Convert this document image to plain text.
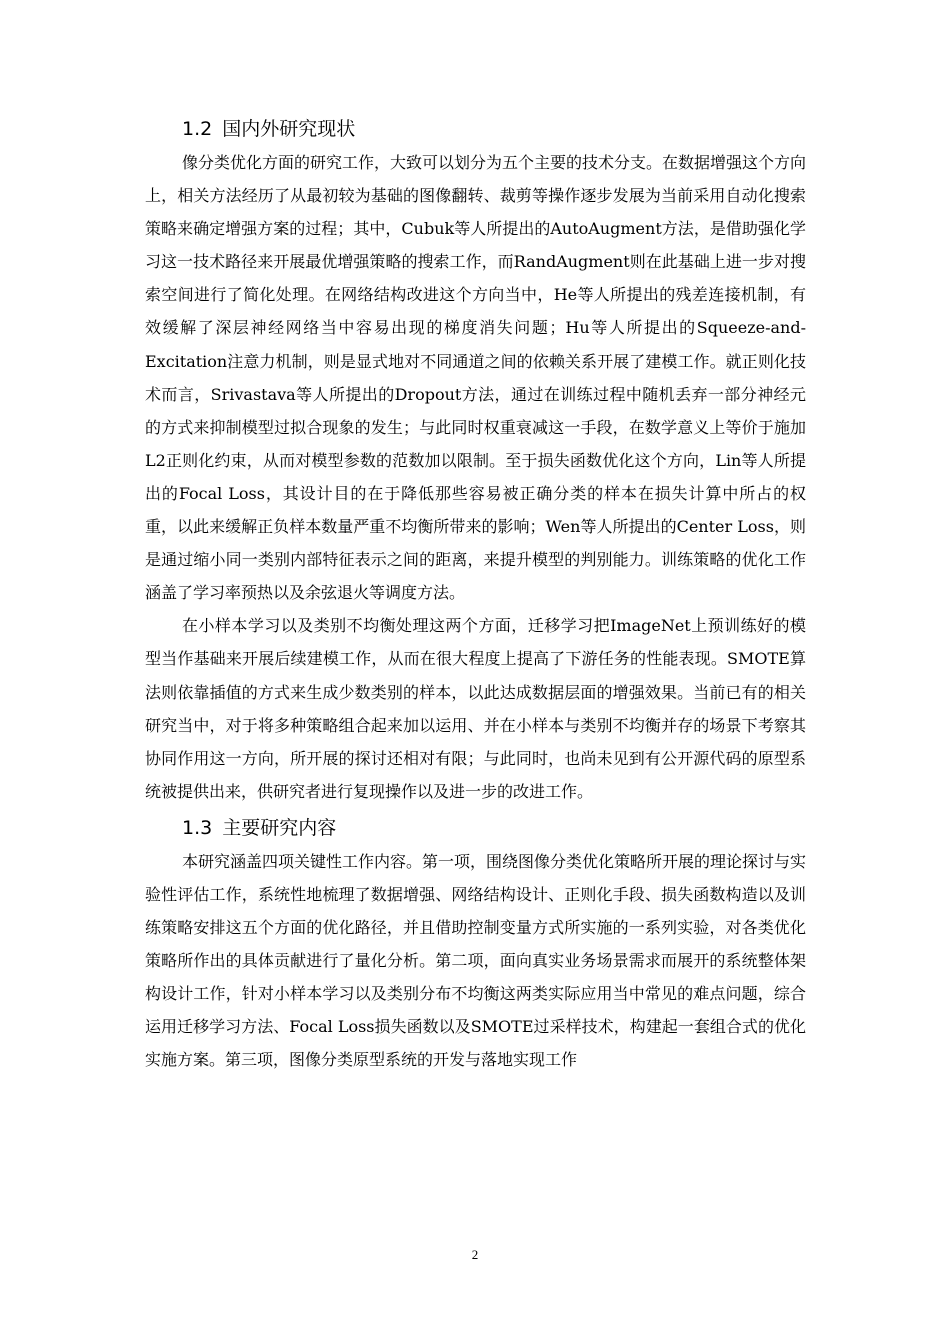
1.2 国内外研究现状

像分类优化方面的研究工作，大致可以划分为五个主要的技术分支。在数据增强这个方向上，相关方法经历了从最初较为基础的图像翻转、裁剪等操作逐步发展为当前采用自动化搜索策略来确定增强方案的过程；其中，Cubuk等人所提出的AutoAugment方法，是借助强化学习这一技术路径来开展最优增强策略的搜索工作，而RandAugment则在此基础上进一步对搜索空间进行了简化处理。在网络结构改进这个方向当中，He等人所提出的残差连接机制，有效缓解了深层神经网络当中容易出现的梯度消失问题；Hu等人所提出的Squeeze-and-Excitation注意力机制，则是显式地对不同通道之间的依赖关系开展了建模工作。就正则化技术而言，Srivastava等人所提出的Dropout方法，通过在训练过程中随机丢弃一部分神经元的方式来抑制模型过拟合现象的发生；与此同时权重衰减这一手段，在数学意义上等价于施加L2正则化约束，从而对模型参数的范数加以限制。至于损失函数优化这个方向，Lin等人所提出的Focal Loss，其设计目的在于降低那些容易被正确分类的样本在损失计算中所占的权重，以此来缓解正负样本数量严重不均衡所带来的影响；Wen等人所提出的Center Loss，则是通过缩小同一类别内部特征表示之间的距离，来提升模型的判别能力。训练策略的优化工作涵盖了学习率预热以及余弦退火等调度方法。

在小样本学习以及类别不均衡处理这两个方面，迁移学习把ImageNet上预训练好的模型当作基础来开展后续建模工作，从而在很大程度上提高了下游任务的性能表现。SMOTE算法则依靠插值的方式来生成少数类别的样本，以此达成数据层面的增强效果。当前已有的相关研究当中，对于将多种策略组合起来加以运用、并在小样本与类别不均衡并存的场景下考察其协同作用这一方向，所开展的探讨还相对有限；与此同时，也尚未见到有公开源代码的原型系统被提供出来，供研究者进行复现操作以及进一步的改进工作。

1.3 主要研究内容

本研究涵盖四项关键性工作内容。第一项，围绕图像分类优化策略所开展的理论探讨与实验性评估工作，系统性地梳理了数据增强、网络结构设计、正则化手段、损失函数构造以及训练策略安排这五个方面的优化路径，并且借助控制变量方式所实施的一系列实验，对各类优化策略所作出的具体贡献进行了量化分析。第二项，面向真实业务场景需求而展开的系统整体架构设计工作，针对小样本学习以及类别分布不均衡这两类实际应用当中常见的难点问题，综合运用迁移学习方法、Focal Loss损失函数以及SMOTE过采样技术，构建起一套组合式的优化实施方案。第三项，图像分类原型系统的开发与落地实现工作

2
